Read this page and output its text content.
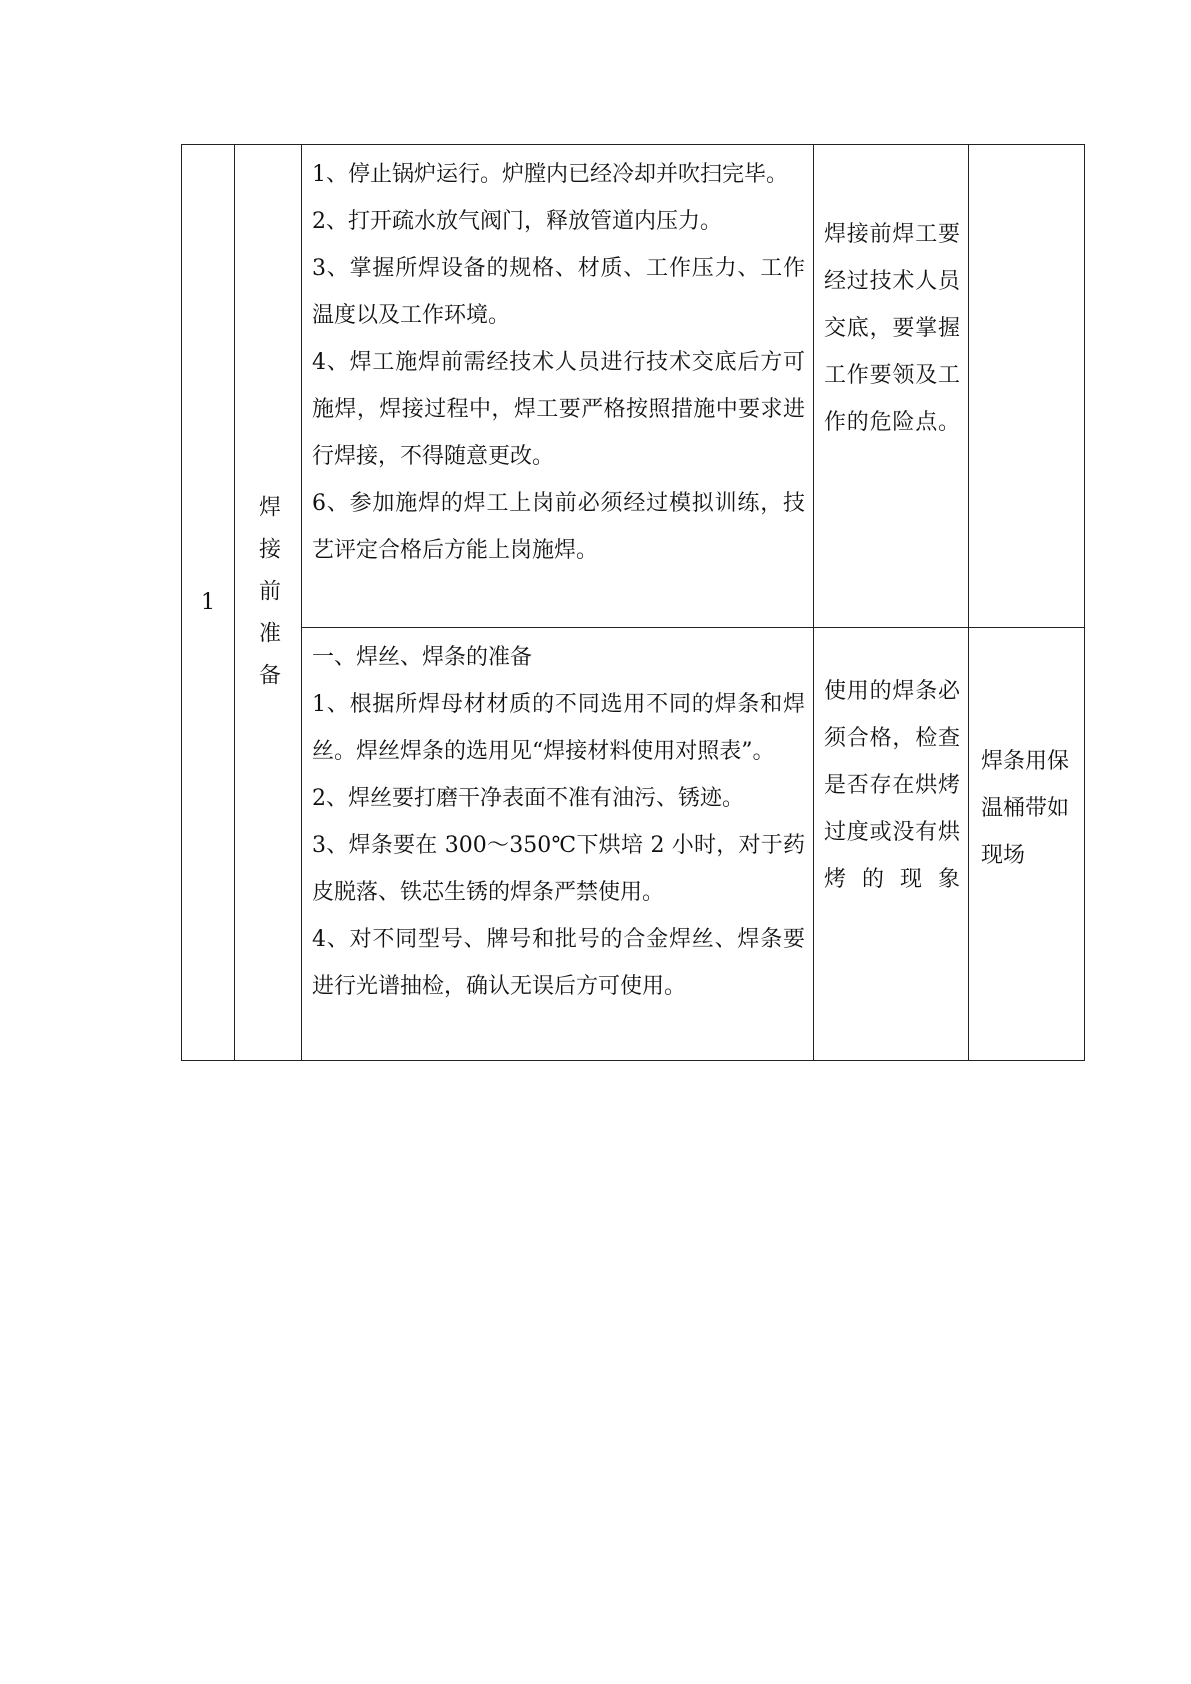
1	焊接前准备	1、停止锅炉运行。炉膛内已经冷却并吹扫完毕。

2、打开疏水放气阀门，释放管道内压力。

3、掌握所焊设备的规格、材质、工作压力、工作温度以及工作环境。

4、焊工施焊前需经技术人员进行技术交底后方可施焊，焊接过程中，焊工要严格按照措施中要求进行焊接，不得随意更改。

6、参加施焊的焊工上岗前必须经过模拟训练，技艺评定合格后方能上岗施焊。	焊接前焊工要经过技术人员交底，要掌握工作要领及工作的危险点。	

		一、焊丝、焊条的准备

1、根据所焊母材材质的不同选用不同的焊条和焊丝。焊丝焊条的选用见“焊接材料使用对照表”。

2、焊丝要打磨干净表面不准有油污、锈迹。

3、焊条要在 300～350℃下烘培 2 小时，对于药皮脱落、铁芯生锈的焊条严禁使用。

4、对不同型号、牌号和批号的合金焊丝、焊条要进行光谱抽检，确认无误后方可使用。	使用的焊条必须合格，检查是否存在烘烤过度或没有烘烤的现象	焊条用保温桶带如现场
